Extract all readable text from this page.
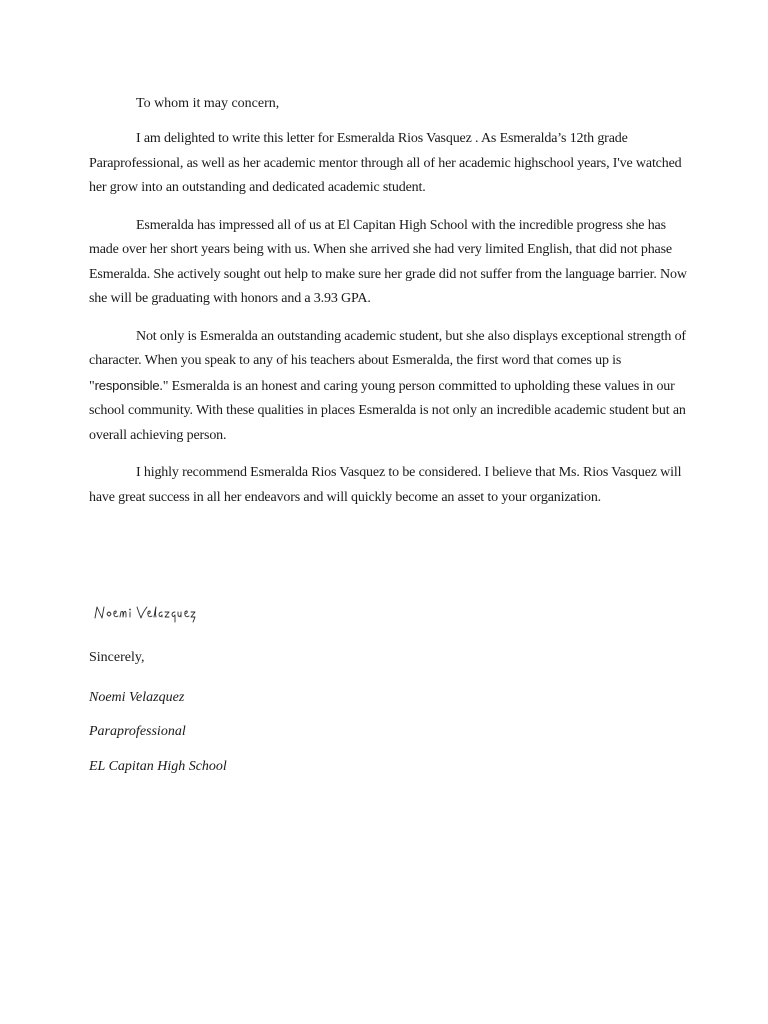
To whom it may concern,

I am delighted to write this letter for Esmeralda Rios Vasquez . As Esmeralda’s 12th grade Paraprofessional, as well as her academic mentor through all of her academic highschool years, I've watched her grow into an outstanding and dedicated academic student.

Esmeralda has impressed all of us at El Capitan High School with the incredible progress she has made over her short years being with us. When she arrived she had very limited English, that did not phase Esmeralda. She actively sought out help to make sure her grade did not suffer from the language barrier. Now she will be graduating with honors and a 3.93 GPA.

Not only is Esmeralda an outstanding academic student, but she also displays exceptional strength of character. When you speak to any of his teachers about Esmeralda, the first word that comes up is "responsible." Esmeralda is an honest and caring young person committed to upholding these values in our school community. With these qualities in places Esmeralda is not only an incredible academic student but an overall achieving person.

I highly recommend Esmeralda Rios Vasquez to be considered. I believe that Ms. Rios Vasquez will have great success in all her endeavors and will quickly become an asset to your organization.

Sincerely,

Noemi Velazquez

Paraprofessional

EL Capitan High School
